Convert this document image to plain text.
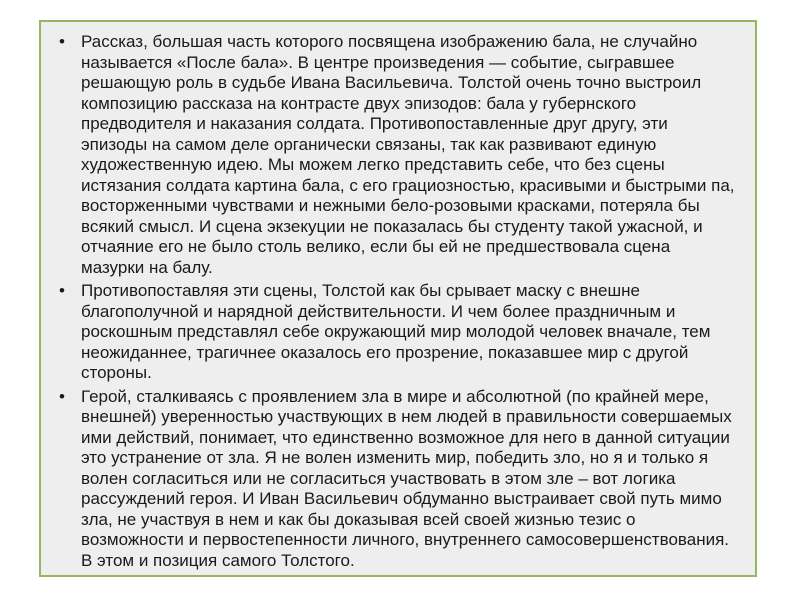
• Рассказ, большая часть которого посвящена изображению бала, не случайно называется «После бала». В центре произведения — событие, сыгравшее решающую роль в судьбе Ивана Васильевича. Толстой очень точно выстроил композицию рассказа на контрасте двух эпизодов: бала у губернского предводителя и наказания солдата. Противопоставленные друг другу, эти эпизоды на самом деле органически связаны, так как развивают единую художественную идею. Мы можем легко представить себе, что без сцены истязания солдата картина бала, с его грациозностью, красивыми и быстрыми па, восторженными чувствами и нежными бело-розовыми красками, потеряла бы всякий смысл. И сцена экзекуции не показалась бы студенту такой ужасной, и отчаяние его не было столь велико, если бы ей не предшествовала сцена мазурки на балу.
• Противопоставляя эти сцены, Толстой как бы срывает маску с внешне благополучной и нарядной действительности. И чем более праздничным и роскошным представлял себе окружающий мир молодой человек вначале, тем неожиданнее, трагичнее оказалось его прозрение, показавшее мир с другой стороны.
• Герой, сталкиваясь с проявлением зла в мире и абсолютной (по крайней мере, внешней) уверенностью участвующих в нем людей в правильности совершаемых ими действий, понимает, что единственно возможное для него в данной ситуации это устранение от зла. Я не волен изменить мир, победить зло, но я и только я волен согласиться или не согласиться участвовать в этом зле – вот логика рассуждений героя. И Иван Васильевич обдуманно выстраивает свой путь мимо зла, не участвуя в нем и как бы доказывая всей своей жизнью тезис о возможности и первостепенности личного, внутреннего самосовершенствования. В этом и позиция самого Толстого.
